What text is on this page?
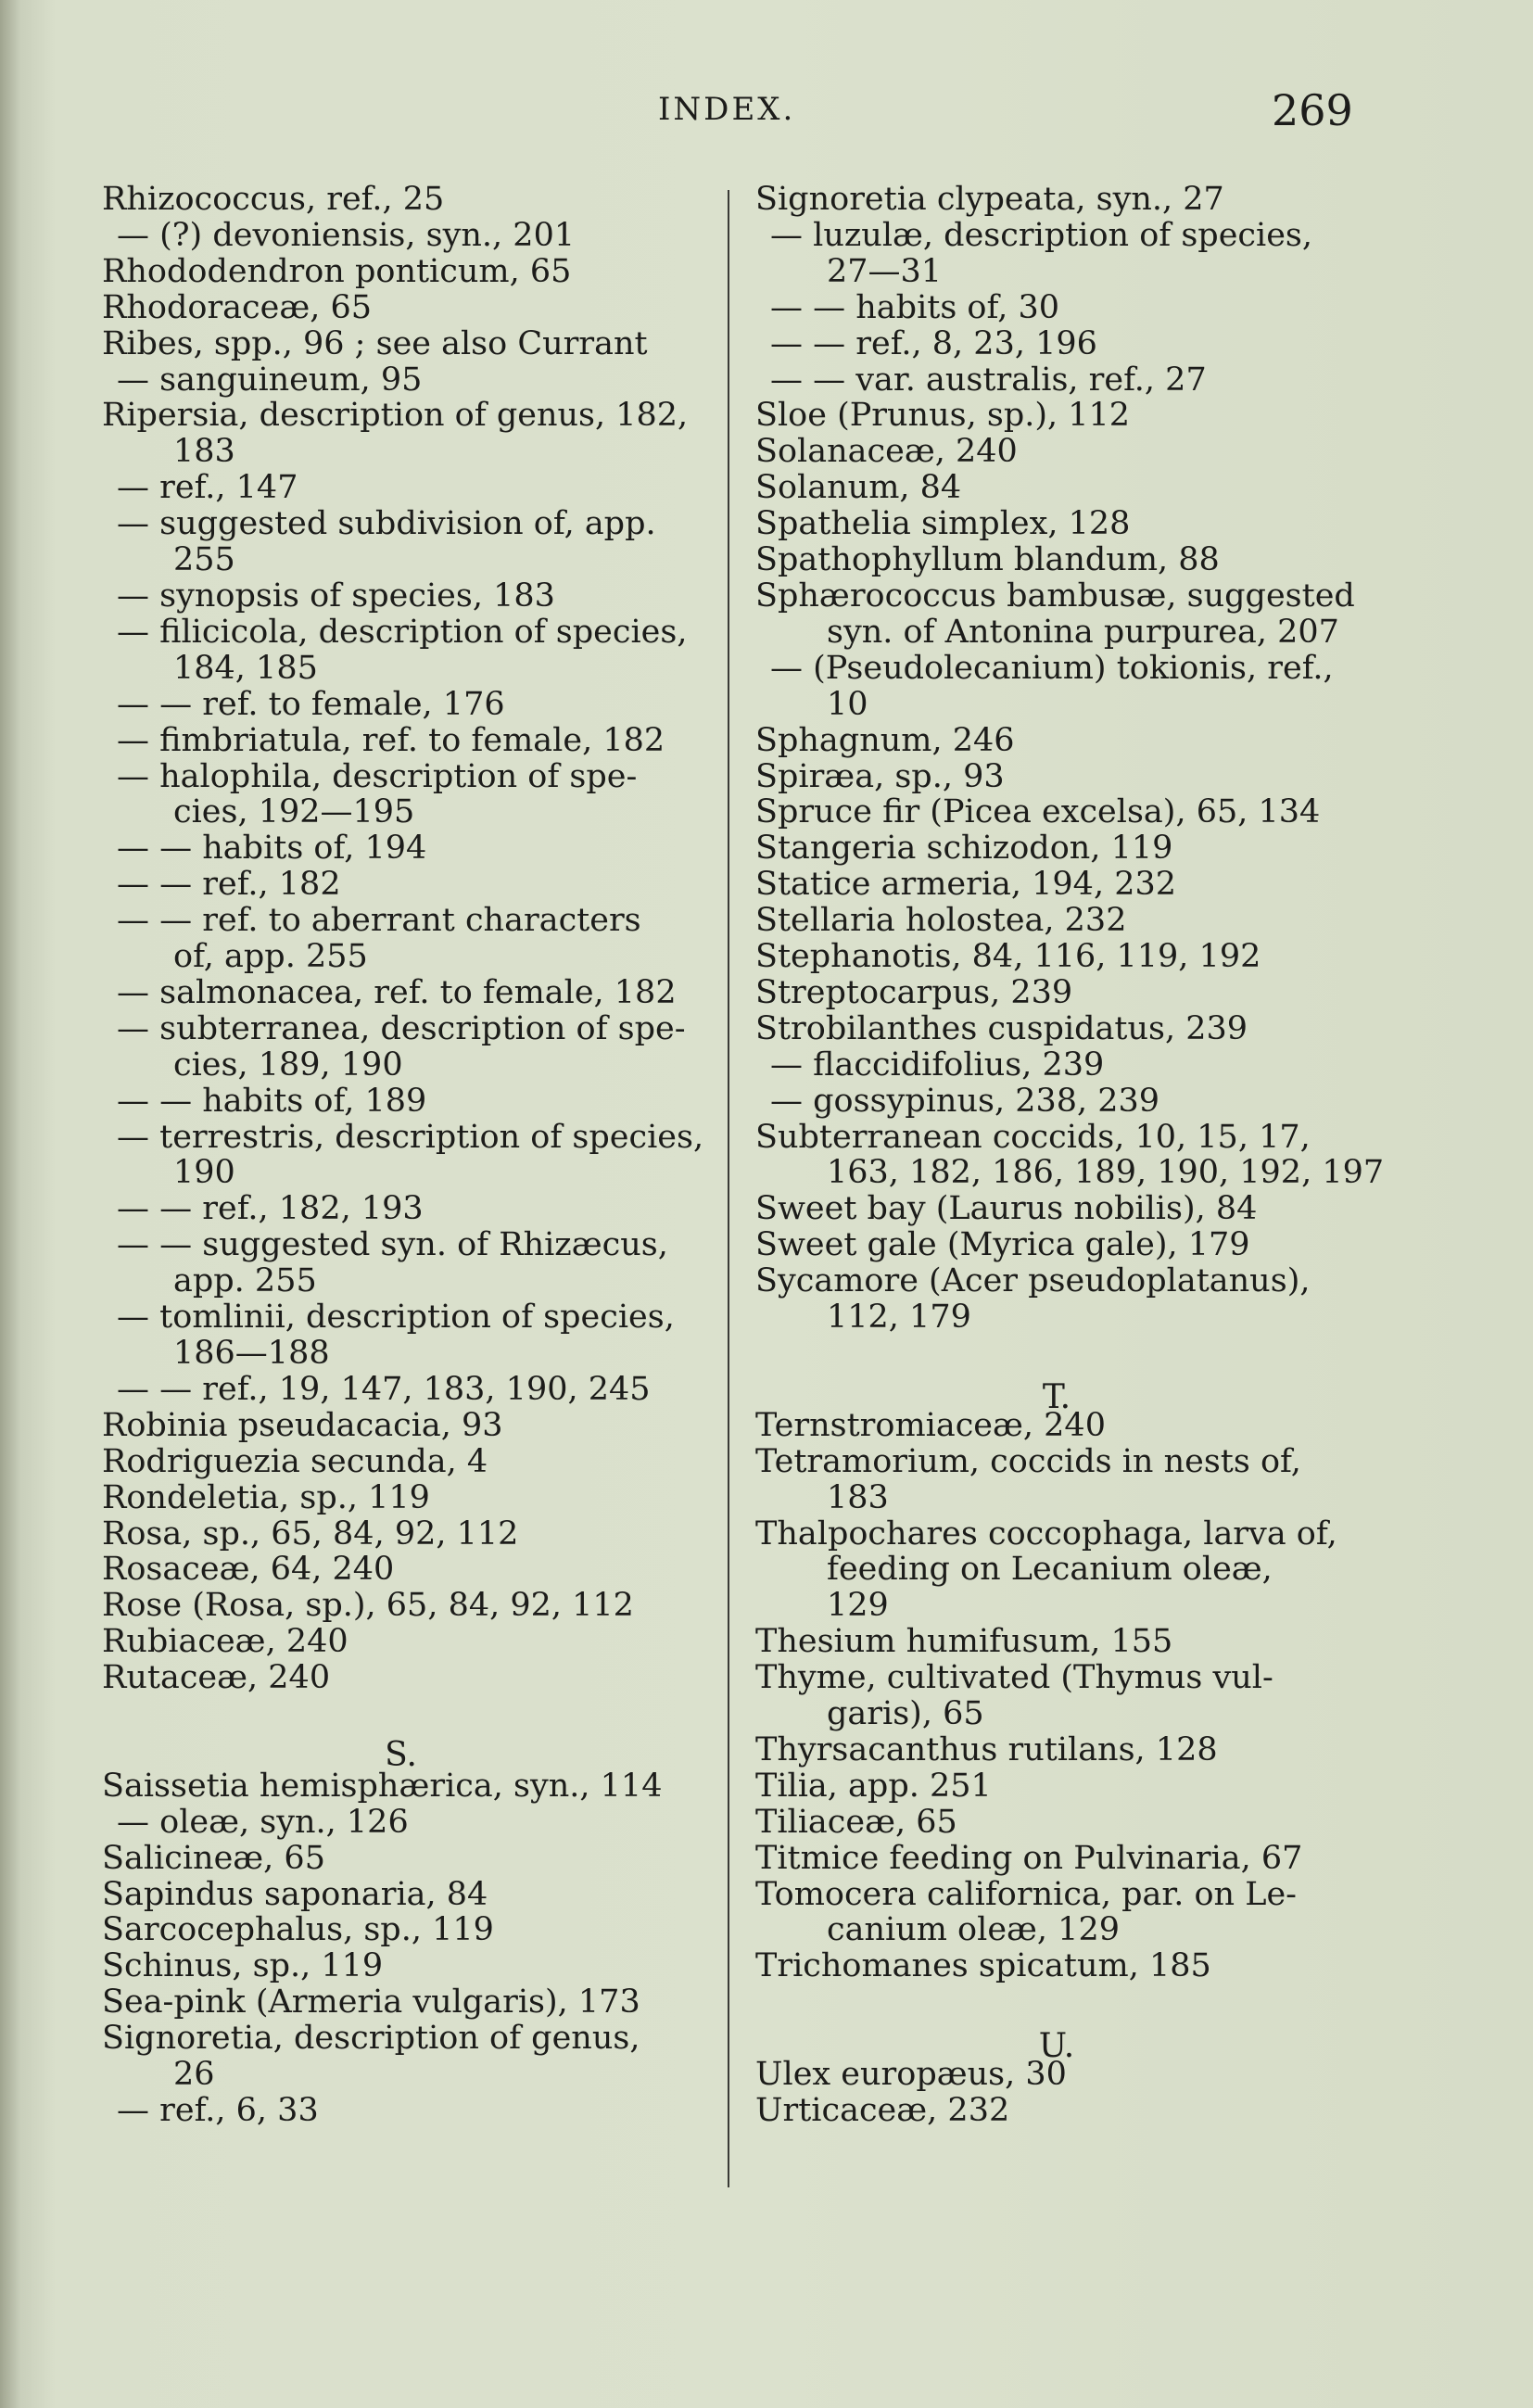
INDEX.	269
Rhizococcus, ref., 25
— (?) devoniensis, syn., 201
Rhododendron ponticum, 65
Rhodoraceæ, 65
Ribes, spp., 96 ; see also Currant
— sanguineum, 95
Ripersia, description of genus, 182,
183
— ref., 147
— suggested subdivision of, app.
255
— synopsis of species, 183
— filicicola, description of species,
184, 185
— — ref. to female, 176
— fimbriatula, ref. to female, 182
— halophila, description of spe-
cies, 192—195
— — habits of, 194
— — ref., 182
— — ref. to aberrant characters
of, app. 255
— salmonacea, ref. to female, 182
— subterranea, description of spe-
cies, 189, 190
— — habits of, 189
— terrestris, description of species,
190
— — ref., 182, 193
— — suggested syn. of Rhizæcus,
app. 255
— tomlinii, description of species,
186—188
— — ref., 19, 147, 183, 190, 245
Robinia pseudacacia, 93
Rodriguezia secunda, 4
Rondeletia, sp., 119
Rosa, sp., 65, 84, 92, 112
Rosaceæ, 64, 240
Rose (Rosa, sp.), 65, 84, 92, 112
Rubiaceæ, 240
Rutaceæ, 240
S.
Saissetia hemisphærica, syn., 114
— oleæ, syn., 126
Salicineæ, 65
Sapindus saponaria, 84
Sarcocephalus, sp., 119
Schinus, sp., 119
Sea-pink (Armeria vulgaris), 173
Signoretia, description of genus,
26
— ref., 6, 33
Signoretia clypeata, syn., 27
— luzulæ, description of species,
27—31
— — habits of, 30
— — ref., 8, 23, 196
— — var. australis, ref., 27
Sloe (Prunus, sp.), 112
Solanaceæ, 240
Solanum, 84
Spathelia simplex, 128
Spathophyllum blandum, 88
Sphærococcus bambusæ, suggested
syn. of Antonina purpurea, 207
— (Pseudolecanium) tokionis, ref.,
10
Sphagnum, 246
Spiræa, sp., 93
Spruce fir (Picea excelsa), 65, 134
Stangeria schizodon, 119
Statice armeria, 194, 232
Stellaria holostea, 232
Stephanotis, 84, 116, 119, 192
Streptocarpus, 239
Strobilanthes cuspidatus, 239
— flaccidifolius, 239
— gossypinus, 238, 239
Subterranean coccids, 10, 15, 17,
163, 182, 186, 189, 190, 192, 197
Sweet bay (Laurus nobilis), 84
Sweet gale (Myrica gale), 179
Sycamore (Acer pseudoplatanus),
112, 179
T.
Ternstromiaceæ, 240
Tetramorium, coccids in nests of,
183
Thalpochares coccophaga, larva of,
feeding on Lecanium oleæ,
129
Thesium humifusum, 155
Thyme, cultivated (Thymus vul-
garis), 65
Thyrsacanthus rutilans, 128
Tilia, app. 251
Tiliaceæ, 65
Titmice feeding on Pulvinaria, 67
Tomocera californica, par. on Le-
canium oleæ, 129
Trichomanes spicatum, 185
U.
Ulex europæus, 30
Urticaceæ, 232
